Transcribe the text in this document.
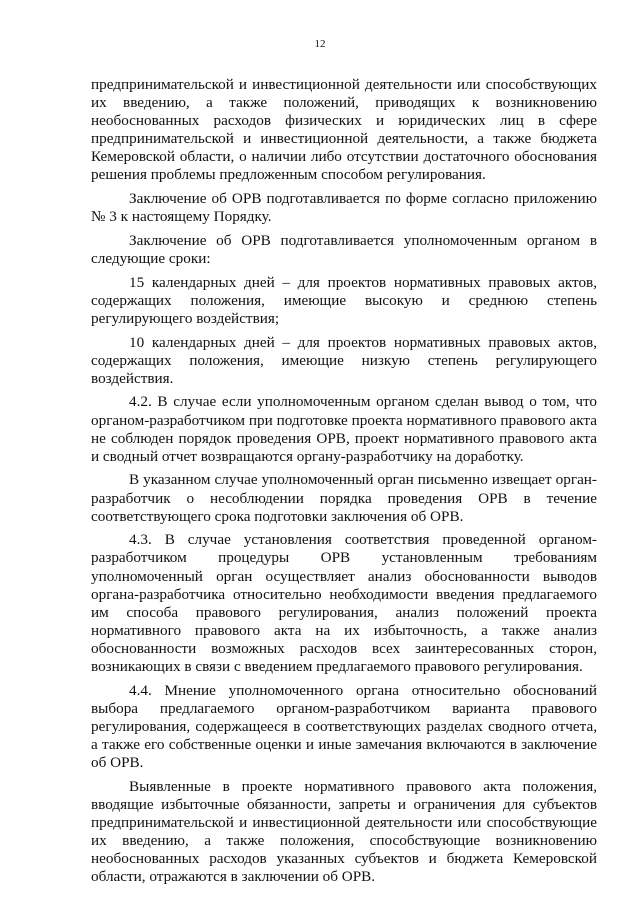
12

предпринимательской и инвестиционной деятельности или способствующих их введению, а также положений, приводящих к возникновению необоснованных расходов физических и юридических лиц в сфере предпринимательской и инвестиционной деятельности, а также бюджета Кемеровской области, о наличии либо отсутствии достаточного обоснования решения проблемы предложенным способом регулирования.

Заключение об ОРВ подготавливается по форме согласно приложению № 3 к настоящему Порядку.

Заключение об ОРВ подготавливается уполномоченным органом в следующие сроки:

15 календарных дней – для проектов нормативных правовых актов, содержащих положения, имеющие высокую и среднюю степень регулирующего воздействия;

10 календарных дней – для проектов нормативных правовых актов, содержащих положения, имеющие низкую степень регулирующего воздействия.

4.2. В случае если уполномоченным органом сделан вывод о том, что органом-разработчиком при подготовке проекта нормативного правового акта не соблюден порядок проведения ОРВ, проект нормативного правового акта и сводный отчет возвращаются органу-разработчику на доработку.

В указанном случае уполномоченный орган письменно извещает орган-разработчик о несоблюдении порядка проведения ОРВ в течение соответствующего срока подготовки заключения об ОРВ.

4.3. В случае установления соответствия проведенной органом-разработчиком процедуры ОРВ установленным требованиям уполномоченный орган осуществляет анализ обоснованности выводов органа-разработчика относительно необходимости введения предлагаемого им способа правового регулирования, анализ положений проекта нормативного правового акта на их избыточность, а также анализ обоснованности возможных расходов всех заинтересованных сторон, возникающих в связи с введением предлагаемого правового регулирования.

4.4. Мнение уполномоченного органа относительно обоснований выбора предлагаемого органом-разработчиком варианта правового регулирования, содержащееся в соответствующих разделах сводного отчета, а также его собственные оценки и иные замечания включаются в заключение об ОРВ.

Выявленные в проекте нормативного правового акта положения, вводящие избыточные обязанности, запреты и ограничения для субъектов предпринимательской и инвестиционной деятельности или способствующие их введению, а также положения, способствующие возникновению необоснованных расходов указанных субъектов и бюджета Кемеровской области, отражаются в заключении об ОРВ.
